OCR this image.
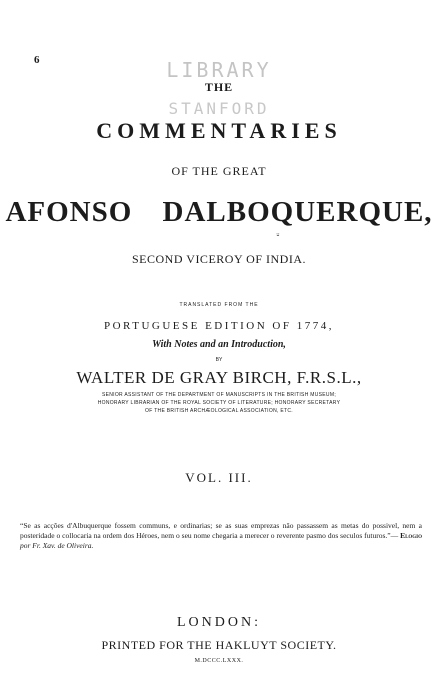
6	LIBRARY
THE
STANFORD
COMMENTARIES
OF THE GREAT
AFONSO DALBOQUERQUE,
⸚
SECOND VICEROY OF INDIA.
TRANSLATED FROM THE
PORTUGUESE EDITION OF 1774,
With Notes and an Introduction,
BY
WALTER DE GRAY BIRCH, F.R.S.L.,
SENIOR ASSISTANT OF THE DEPARTMENT OF MANUSCRIPTS IN THE BRITISH MUSEUM; HONORARY LIBRARIAN OF THE ROYAL SOCIETY OF LITERATURE; HONORARY SECRETARY OF THE BRITISH ARCHÆOLOGICAL ASSOCIATION, ETC.
VOL. III.
“Se as acções d'Albuquerque fossem communs, e ordinarias; se as suas emprezas não passassem as metas do possivel, nem a posteridade o collocaria na ordem dos Héroes, nem o seu nome chegaria a merecer o reverente pasmo dos seculos futuros.”— Elogio por Fr. Xav. de Oliveira.
LONDON:
PRINTED FOR THE HAKLUYT SOCIETY.
M.DCCC.LXXX.
